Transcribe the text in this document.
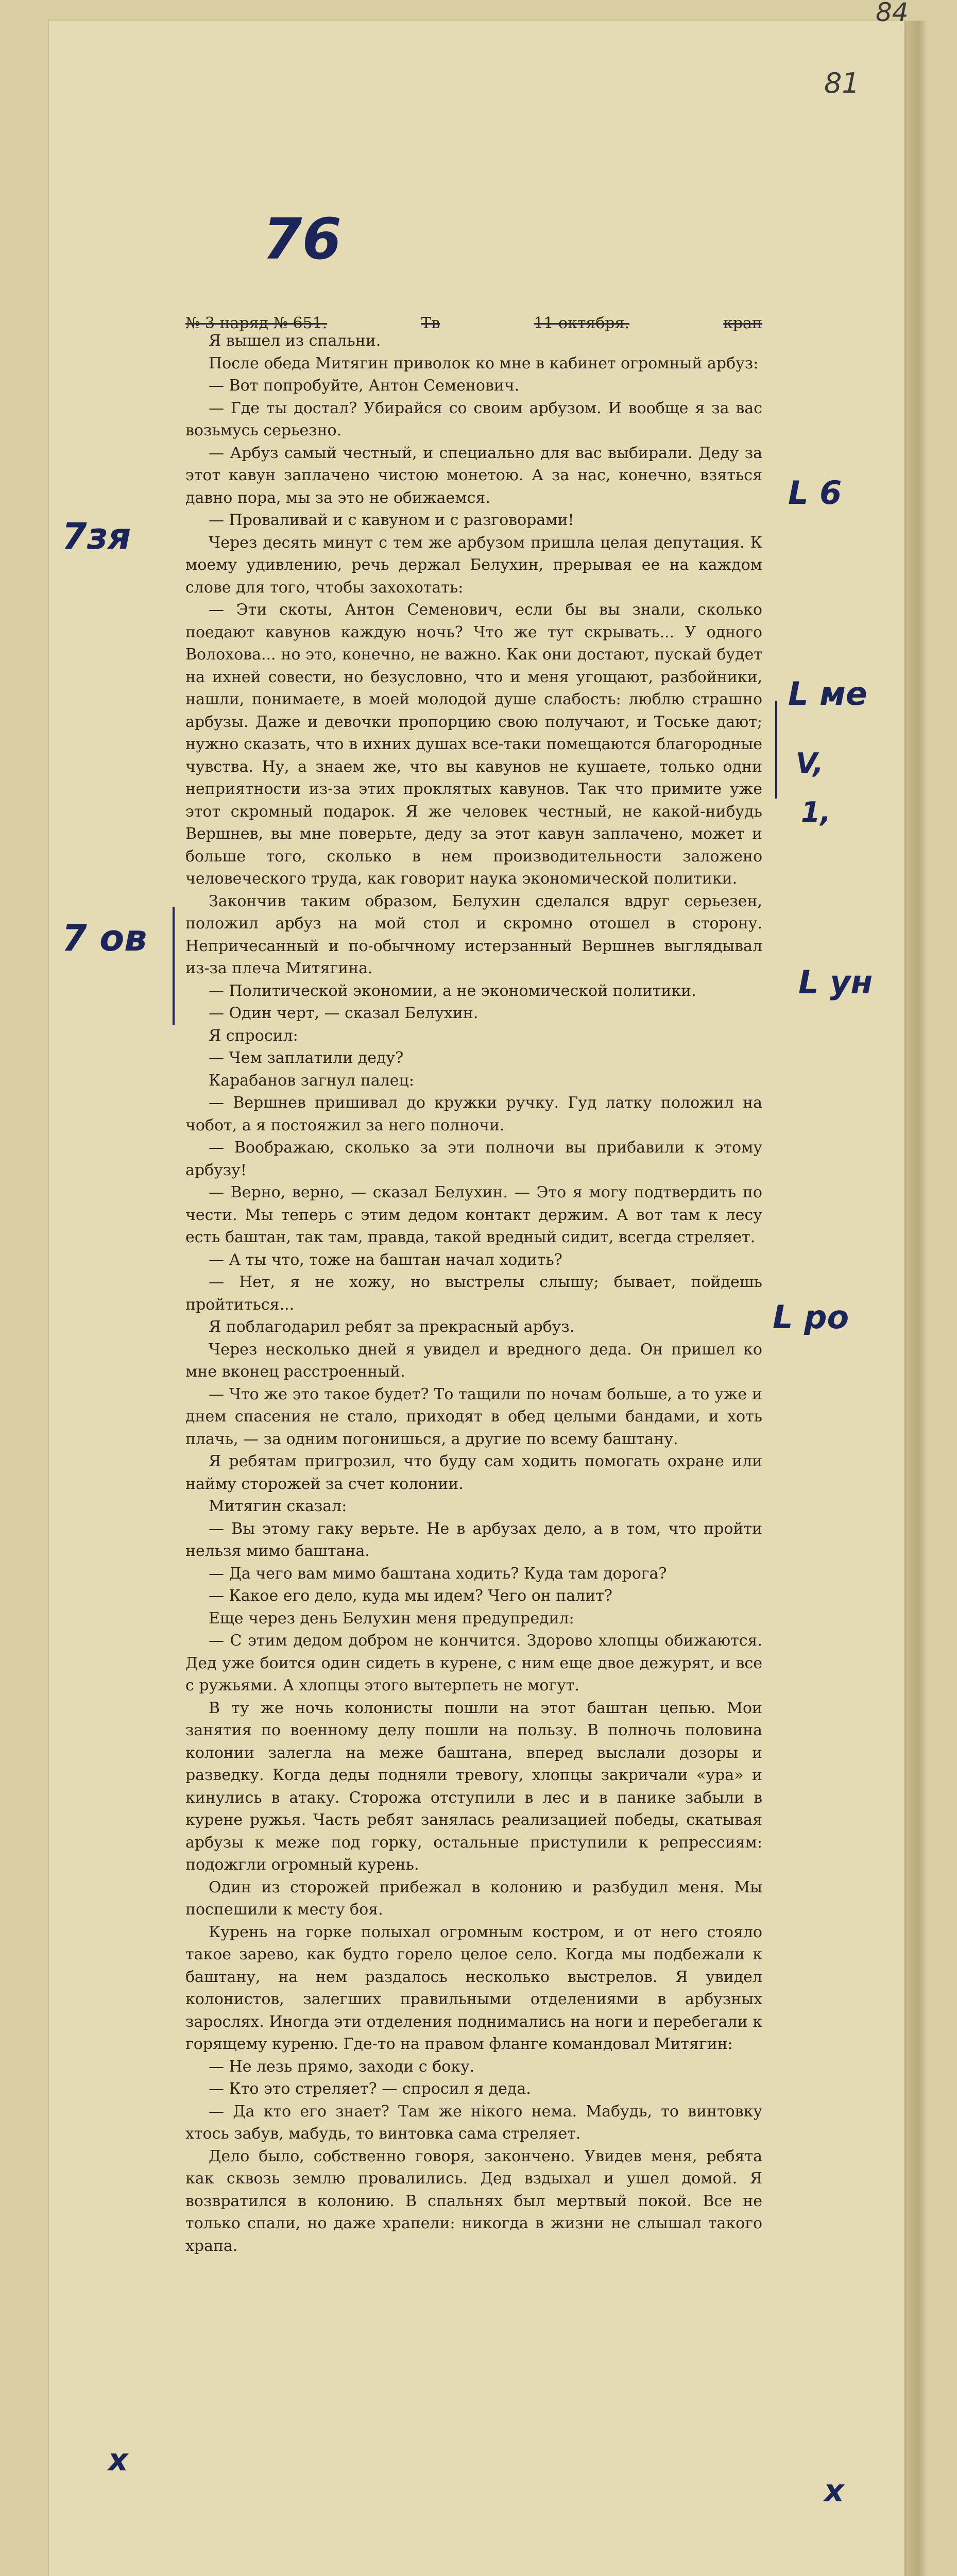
84
81
76
№ 3 наряд № 651.	Тв	11 октября.	крап

Я вышел из спальни.

После обеда Митягин приволок ко мне в кабинет огромный арбуз:

— Вот попробуйте, Антон Семенович.

— Где ты достал? Убирайся со своим арбузом. И вообще я за вас возьмусь серьезно.

— Арбуз самый честный, и специально для вас выбирали. Деду за этот кавун заплачено чистою монетою. А за нас, конечно, взяться давно пора, мы за это не обижаемся.

— Проваливай и с кавуном и с разговорами!

Через десять минут с тем же арбузом пришла целая депутация. К моему удивлению, речь держал Белухин, прерывая ее на каждом слове для того, чтобы захохотать:

— Эти скоты, Антон Семенович, если бы вы знали, сколько поедают кавунов каждую ночь? Что же тут скрывать... У одного Волохова... но это, конечно, не важно. Как они достают, пускай будет на ихней совести, но безусловно, что и меня угощают, разбойники, нашли, понимаете, в моей молодой душе слабость: люблю страшно арбузы. Даже и девочки пропорцию свою получают, и Тоське дают; нужно сказать, что в ихних душах все-таки помещаются благородные чувства. Ну, а знаем же, что вы кавунов не кушаете, только одни неприятности из-за этих проклятых кавунов. Так что примите уже этот скромный подарок. Я же человек честный, не какой-нибудь Вершнев, вы мне поверьте, деду за этот кавун заплачено, может и больше того, сколько в нем производительности заложено человеческого труда, как говорит наука экономической политики.

Закончив таким образом, Белухин сделался вдруг серьезен, положил арбуз на мой стол и скромно отошел в сторону. Непричесанный и по-обычному истерзанный Вершнев выглядывал из-за плеча Митягина.

— Политической экономии, а не экономической политики.

— Один черт, — сказал Белухин.

Я спросил:

— Чем заплатили деду?

Карабанов загнул палец:

— Вершнев пришивал до кружки ручку. Гуд латку положил на чобот, а я постояжил за него полночи.

— Воображаю, сколько за эти полночи вы прибавили к этому арбузу!

— Верно, верно, — сказал Белухин. — Это я могу подтвердить по чести. Мы теперь с этим дедом контакт держим. А вот там к лесу есть баштан, так там, правда, такой вредный сидит, всегда стреляет.

— А ты что, тоже на баштан начал ходить?

— Нет, я не хожу, но выстрелы слышу; бывает, пойдешь пройтиться...

Я поблагодарил ребят за прекрасный арбуз.

Через несколько дней я увидел и вредного деда. Он пришел ко мне вконец расстроенный.

— Что же это такое будет? То тащили по ночам больше, а то уже и днем спасения не стало, приходят в обед целыми бандами, и хоть плачь, — за одним погонишься, а другие по всему баштану.

Я ребятам пригрозил, что буду сам ходить помогать охране или найму сторожей за счет колонии.

Митягин сказал:

— Вы этому гаку верьте. Не в арбузах дело, а в том, что пройти нельзя мимо баштана.

— Да чего вам мимо баштана ходить? Куда там дорога?

— Какое его дело, куда мы идем? Чего он палит?

Еще через день Белухин меня предупредил:

— С этим дедом добром не кончится. Здорово хлопцы обижаются. Дед уже боится один сидеть в курене, с ним еще двое дежурят, и все с ружьями. А хлопцы этого вытерпеть не могут.

В ту же ночь колонисты пошли на этот баштан цепью. Мои занятия по военному делу пошли на пользу. В полночь половина колонии залегла на меже баштана, вперед выслали дозоры и разведку. Когда деды подняли тревогу, хлопцы закричали «ура» и кинулись в атаку. Сторожа отступили в лес и в панике забыли в курене ружья. Часть ребят занялась реализацией победы, скатывая арбузы к меже под горку, остальные приступили к репрессиям: подожгли огромный курень.

Один из сторожей прибежал в колонию и разбудил меня. Мы поспешили к месту боя.

Курень на горке полыхал огромным костром, и от него стояло такое зарево, как будто горело целое село. Когда мы подбежали к баштану, на нем раздалось несколько выстрелов. Я увидел колонистов, залегших правильными отделениями в арбузных зарослях. Иногда эти отделения поднимались на ноги и перебегали к горящему куреню. Где-то на правом фланге командовал Митягин:

— Не лезь прямо, заходи с боку.

— Кто это стреляет? — спросил я деда.

— Да кто его знает? Там же нікого нема. Мабудь, то винтовку хтось забув, мабудь, то винтовка сама стреляет.

Дело было, собственно говоря, закончено. Увидев меня, ребята как сквозь землю провалились. Дед вздыхал и ушел домой. Я возвратился в колонию. В спальнях был мертвый покой. Все не только спали, но даже храпели: никогда в жизни не слышал такого храпа.

L 6
7зя
L ме
V,
1,
7 ов
L ун
L ро
x
x
